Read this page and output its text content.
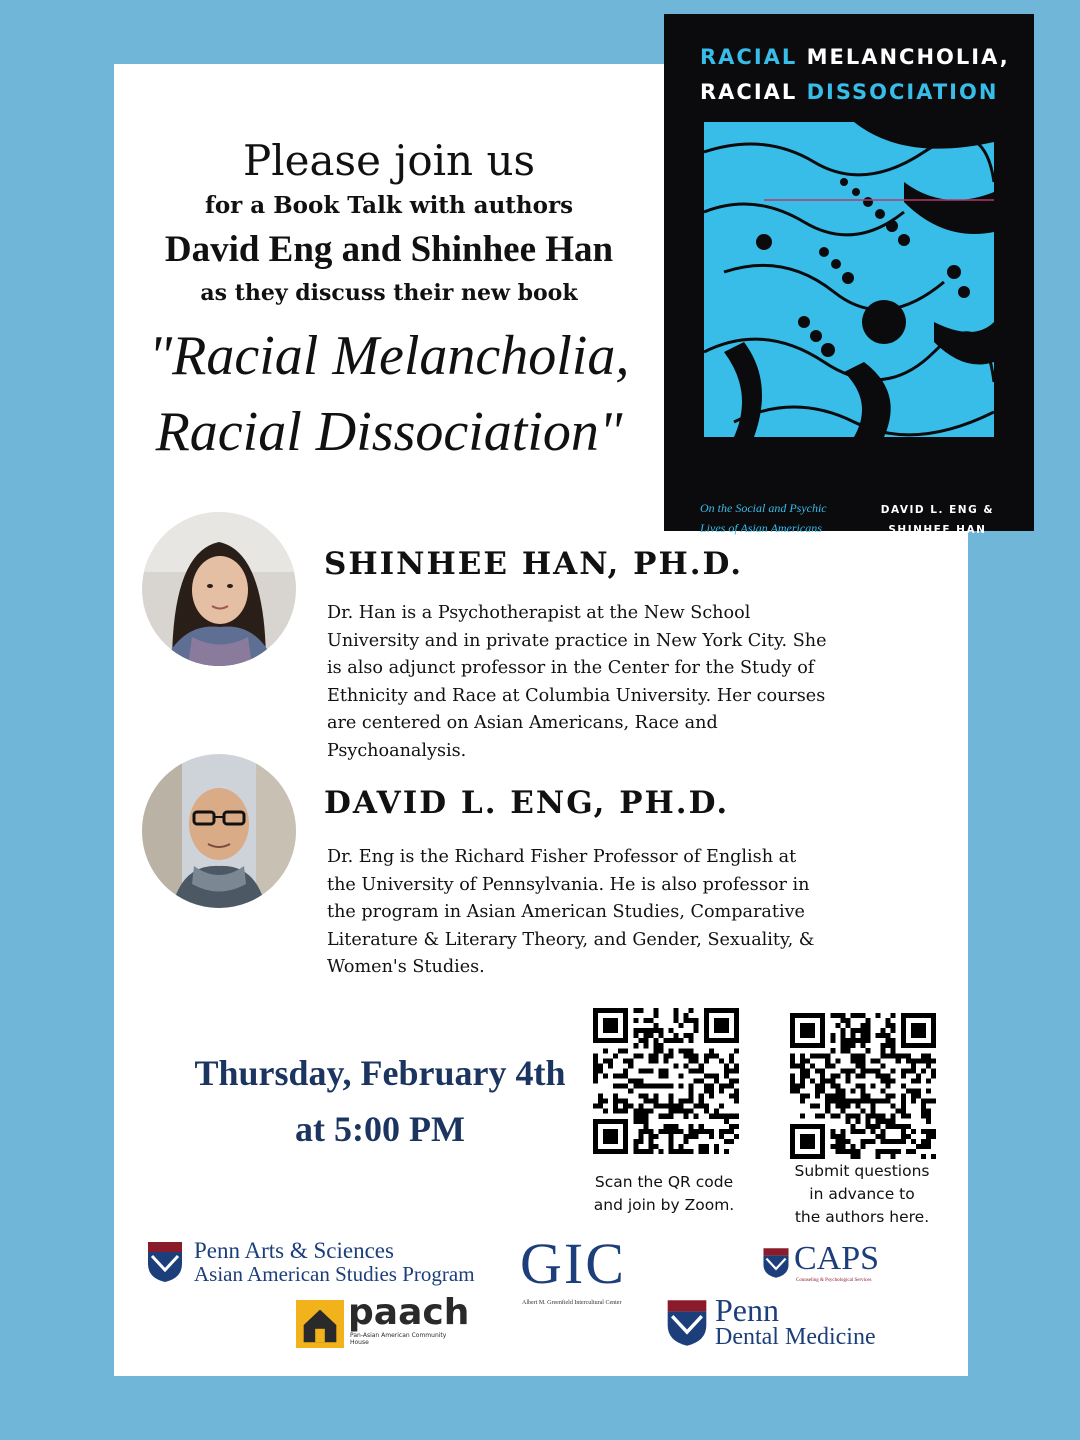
Please join us
for a Book Talk with authors
David Eng and Shinhee Han
as they discuss their new book
"Racial Melancholia,
Racial Dissociation"
RACIAL MELANCHOLIA,
RACIAL DISSOCIATION
On the Social and Psychic
Lives of Asian Americans
DAVID L. ENG &
SHINHEE HAN
SHINHEE HAN, PH.D.
Dr. Han is a Psychotherapist at the New School University and in private practice in New York City. She is also adjunct professor in the Center for the Study of Ethnicity and Race at Columbia University. Her courses are centered on Asian Americans, Race and Psychoanalysis.
DAVID L. ENG, PH.D.
Dr. Eng is the Richard Fisher Professor of English at the University of Pennsylvania. He is also professor in the program in Asian American Studies, Comparative Literature & Literary Theory, and Gender, Sexuality, & Women's Studies.
Thursday, February 4th
at 5:00 PM
Scan the QR code
and join by Zoom.
Submit questions
in advance to
the authors here.
Penn Arts & Sciences
Asian American Studies Program
paach
Pan-Asian American Community House
GIC
Albert M. Greenfield Intercultural Center
CAPS
Counseling & Psychological Services
Penn
Dental Medicine
